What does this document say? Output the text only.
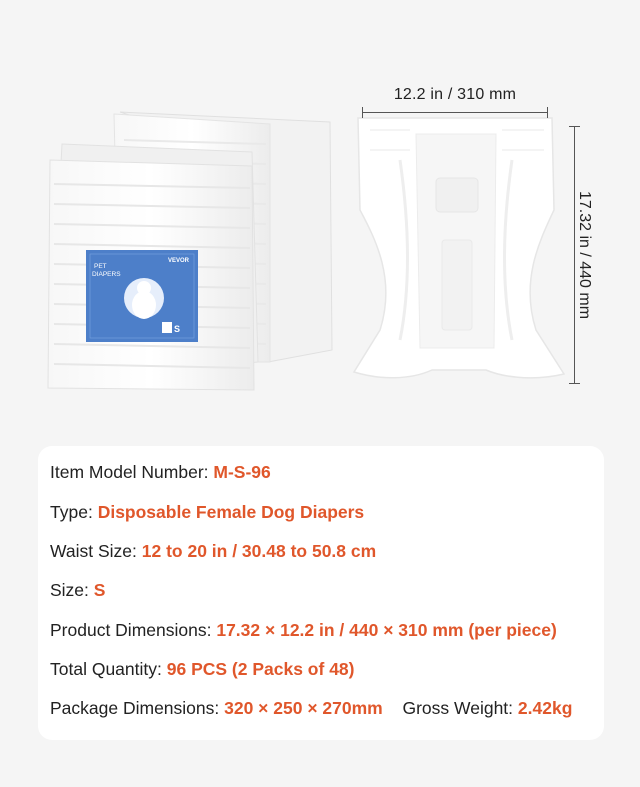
PET
DIAPERS
VEVOR
S
12.2 in / 310 mm
17.32 in / 440 mm
Item Model Number: M-S-96
Type: Disposable Female Dog Diapers
Waist Size: 12 to 20 in / 30.48 to 50.8 cm
Size: S
Product Dimensions: 17.32 × 12.2 in / 440 × 310 mm (per piece)
Total Quantity: 96 PCS (2 Packs of 48)
Package Dimensions: 320 × 250 × 270mm Gross Weight: 2.42kg
